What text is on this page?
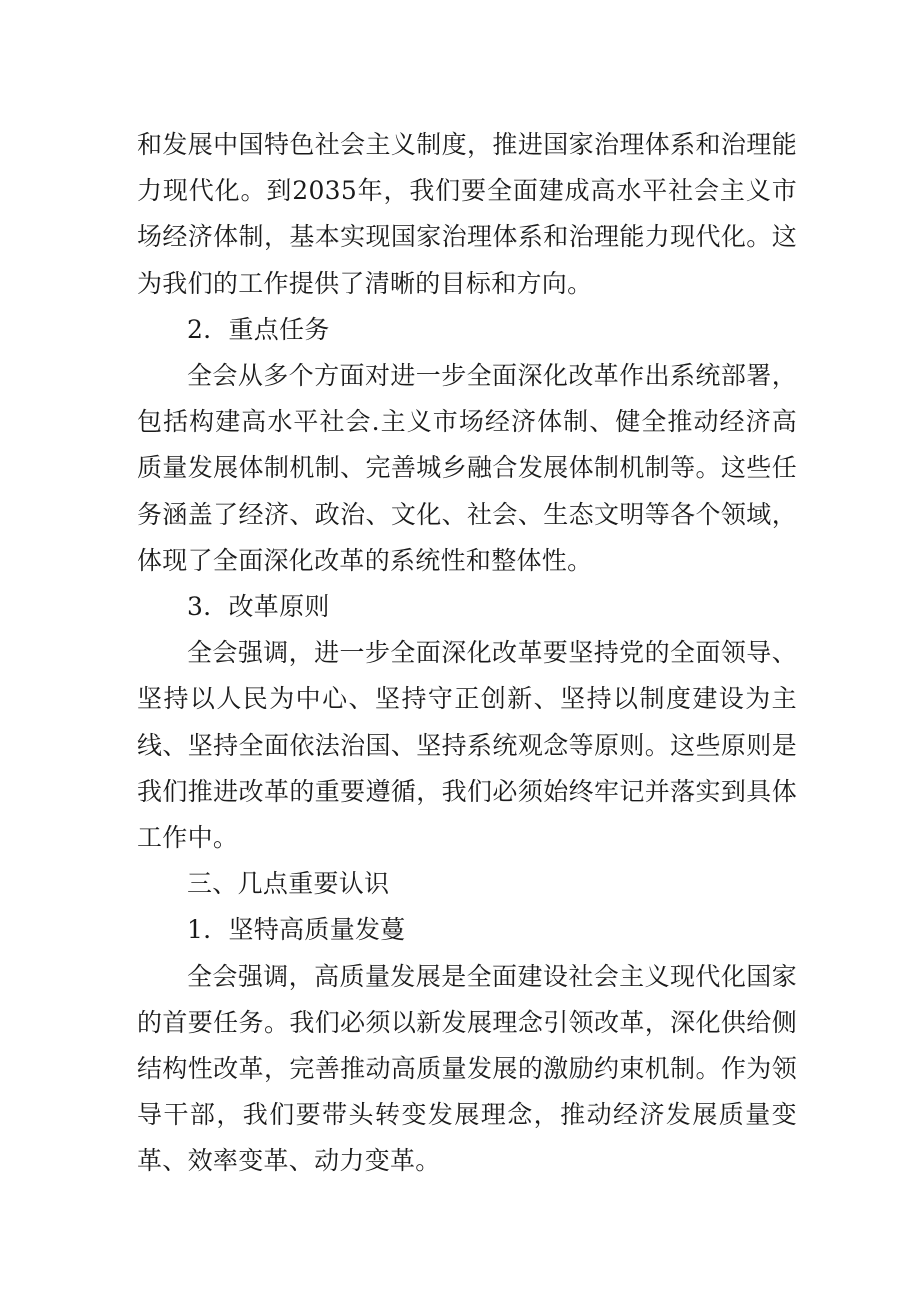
和发展中国特色社会主义制度，推进国家治理体系和治理能力现代化。到2035年，我们要全面建成高水平社会主义市场经济体制，基本实现国家治理体系和治理能力现代化。这为我们的工作提供了清晰的目标和方向。

2．重点任务

全会从多个方面对进一步全面深化改革作出系统部署，包括构建高水平社会.主义市场经济体制、健全推动经济高质量发展体制机制、完善城乡融合发展体制机制等。这些任务涵盖了经济、政治、文化、社会、生态文明等各个领域，体现了全面深化改革的系统性和整体性。

3．改革原则

全会强调，进一步全面深化改革要坚持党的全面领导、坚持以人民为中心、坚持守正创新、坚持以制度建设为主线、坚持全面依法治国、坚持系统观念等原则。这些原则是我们推进改革的重要遵循，我们必须始终牢记并落实到具体工作中。

三、几点重要认识

1．坚特高质量发蔓

全会强调，高质量发展是全面建设社会主义现代化国家的首要任务。我们必须以新发展理念引领改革，深化供给侧结构性改革，完善推动高质量发展的激励约束机制。作为领导干部，我们要带头转变发展理念，推动经济发展质量变革、效率变革、动力变革。
